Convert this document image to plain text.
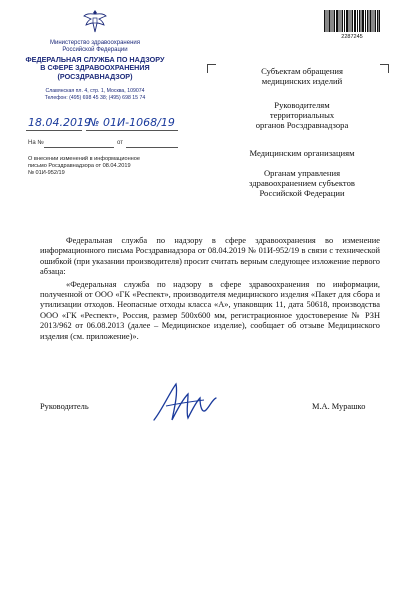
Министерство здравоохранения
Российской Федерации
ФЕДЕРАЛЬНАЯ СЛУЖБА ПО НАДЗОРУ
В СФЕРЕ ЗДРАВООХРАНЕНИЯ
(РОСЗДРАВНАДЗОР)
Славянская пл. 4, стр. 1, Москва, 109074
Телефон: (495) 698 45 38; (495) 698 15 74
18.04.2019
№ 01И-1068/19
На №	от
О внесении изменений в информационное
письмо Росздравнадзора от 08.04.2019
№ 01И-952/19
2287245
Субъектам обращения
медицинских изделий
Руководителям
территориальных
органов Росздравнадзора
Медицинским организациям
Органам управления
здравоохранением субъектов
Российской Федерации

Федеральная служба по надзору в сфере здравоохранения во изменение информационного письма Росздравнадзора от 08.04.2019 № 01И-952/19 в связи с технической ошибкой (при указании производителя) просит считать верным следующее изложение первого абзаца:

«Федеральная служба по надзору в сфере здравоохранения по информации, полученной от ООО «ГК «Респект», производителя медицинского изделия «Пакет для сбора и утилизации отходов. Неопасные отходы класса «А», упаковщик 11, дата 50618, производства ООО «ГК «Респект», Россия, размер 500х600 мм, регистрационное удостоверение № РЗН 2013/962 от 06.08.2013 (далее – Медицинское изделие), сообщает об отзыве Медицинского изделия (см. приложение)».

Руководитель	М.А. Мурашко
